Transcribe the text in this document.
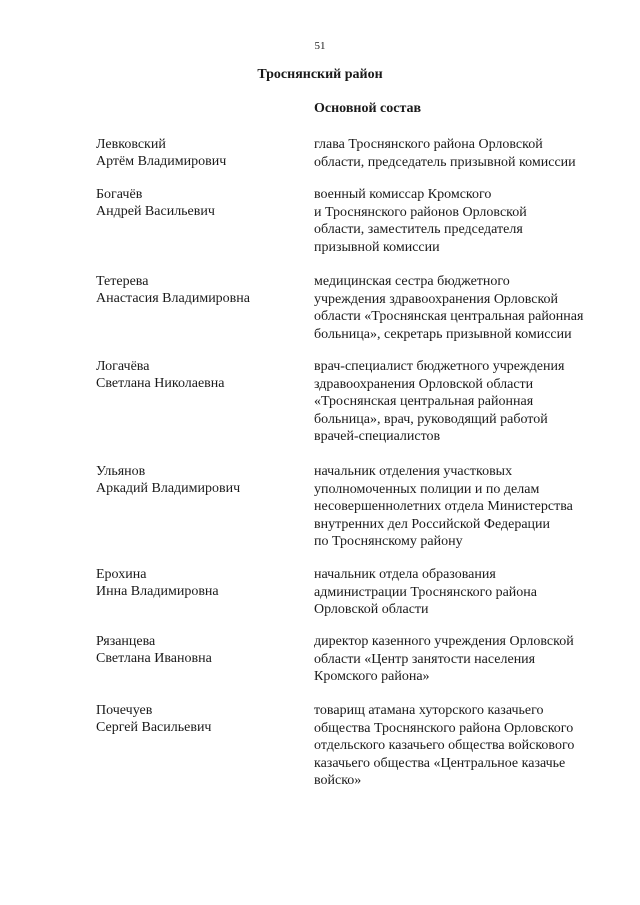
51
Троснянский район
Основной состав
Левковский
Артём Владимирович
глава Троснянского района Орловской
области, председатель призывной комиссии
Богачёв
Андрей Васильевич
военный комиссар Кромского
и Троснянского районов Орловской
области, заместитель председателя
призывной комиссии
Тетерева
Анастасия Владимировна
медицинская сестра бюджетного
учреждения здравоохранения Орловской
области «Троснянская центральная районная
больница», секретарь призывной комиссии
Логачёва
Светлана Николаевна
врач-специалист бюджетного учреждения
здравоохранения Орловской области
«Троснянская центральная районная
больница», врач, руководящий работой
врачей-специалистов
Ульянов
Аркадий Владимирович
начальник отделения участковых
уполномоченных полиции и по делам
несовершеннолетних отдела Министерства
внутренних дел Российской Федерации
по Троснянскому району
Ерохина
Инна Владимировна
начальник отдела образования
администрации Троснянского района
Орловской области
Рязанцева
Светлана Ивановна
директор казенного учреждения Орловской
области «Центр занятости населения
Кромского района»
Почечуев
Сергей Васильевич
товарищ атамана хуторского казачьего
общества Троснянского района Орловского
отдельского казачьего общества войскового
казачьего общества «Центральное казачье
войско»
